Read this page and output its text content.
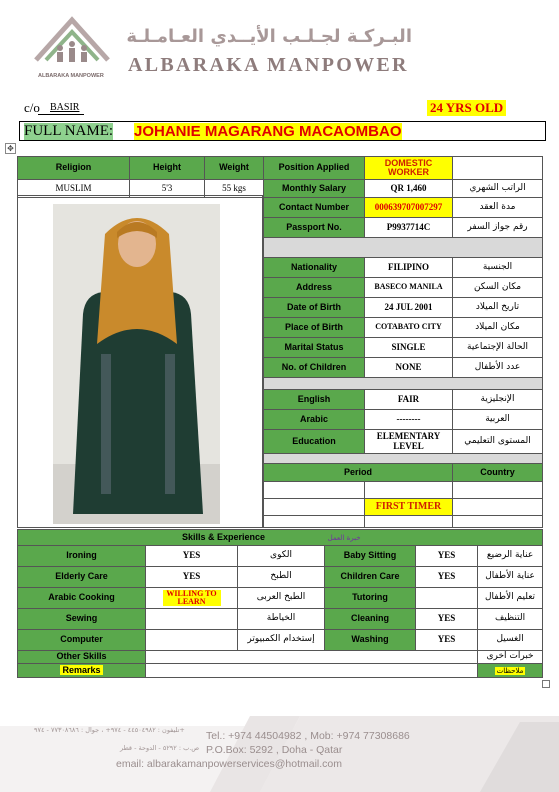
ALBARAKA MANPOWER
البـركـة لجـلـب الأيــدي العـامـلـة
ALBARAKA MANPOWER
c/o BASIR	24 YRS OLD
FULL NAME: JOHANIE MAGARANG MACAOMBAO
✥
Religion	Height	Weight
MUSLIM	5'3	55 kgs
Position Applied	DOMESTIC WORKER	
Monthly Salary	QR 1,460	الراتب الشهري
Contact Number	000639707007297	مدة العقد
Passport No.	P9937714C	رقم جواز السفر

Nationality	FILIPINO	الجنسية
Address	BASECO MANILA	مكان السكن
Date of Birth	24 JUL 2001	تاريخ الميلاد
Place of Birth	COTABATO CITY	مكان الميلاد
Marital Status	SINGLE	الحالة الإجتماعية
No. of Children	NONE	عدد الأطفال

English	FAIR	الإنجليزية
Arabic	--------	العربية
Education	ELEMENTARY LEVEL	المستوى التعليمي

Period		Country

	FIRST TIMER	

Skills & Experience خبرة العمل					
Ironing	YES	الكوى	Baby Sitting	YES	عناية الرضيع
Elderly Care	YES	الطبخ	Children Care	YES	عناية الأطفال
Arabic Cooking	WILLING TO LEARN	الطبخ العربى	Tutoring		تعليم الأطفال
Sewing		الخياطة	Cleaning	YES	التنظيف
Computer		إستخدام الكمبيوتر	Washing	YES	الغسيل
Other Skills					خبرات أخرى
Remarks					ملاحظات
تليفون : ٤٤٥٠٤٩٨٢ - ٩٧٤+ ، جوال : ٧٧٣٠٨٦٨٦ - ٩٧٤+	Tel.: +974 44504982 , Mob: +974 77308686
ص.ب : ٥٢٩٢ - الدوحة - قطر P.O.Box: 5292 , Doha - Qatar
email: albarakamanpowerservices@hotmail.com
